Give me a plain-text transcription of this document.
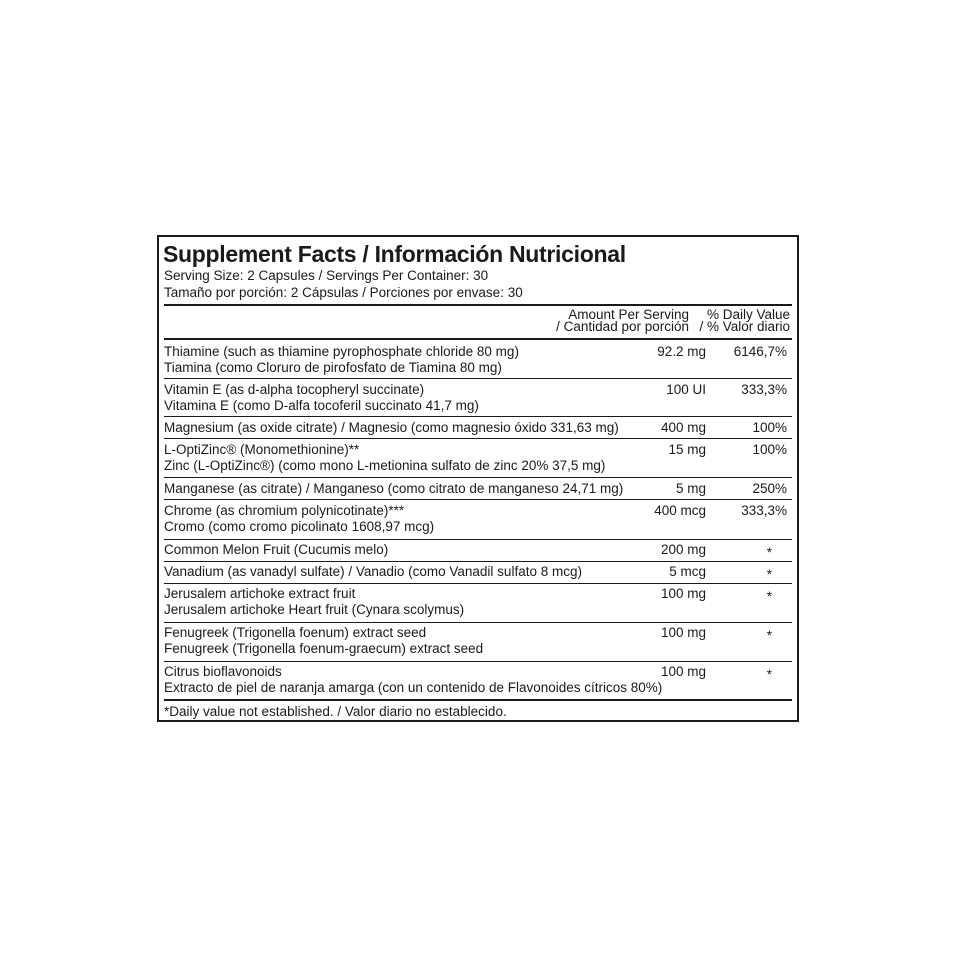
Supplement Facts / Información Nutricional
Serving Size: 2 Capsules / Servings Per Container: 30
Tamaño por porción: 2 Cápsulas / Porciones por envase: 30
Amount Per Serving
/ Cantidad por porción
% Daily Value
/ % Valor diario
Thiamine (such as thiamine pyrophosphate chloride 80 mg)
Tiamina (como Cloruro de pirofosfato de Tiamina 80 mg)
92.2 mg 6146,7%
Vitamin E (as d-alpha tocopheryl succinate)
Vitamina E (como D-alfa tocoferil succinato 41,7 mg)
100 UI	333,3%
Magnesium (as oxide citrate) / Magnesio (como magnesio óxido 331,63 mg)	400 mg	100%
L-OptiZinc® (Monomethionine)**
Zinc (L-OptiZinc®) (como mono L-metionina sulfato de zinc 20% 37,5 mg)
15 mg	100%
Manganese (as citrate) / Manganeso (como citrato de manganeso 24,71 mg)	5 mg	250%
Chrome (as chromium polynicotinate)***
Cromo (como cromo picolinato 1608,97 mcg)
400 mcg	333,3%
Common Melon Fruit (Cucumis melo)	200 mg	*
Vanadium (as vanadyl sulfate) / Vanadio (como Vanadil sulfato 8 mcg)	5 mcg	*
Jerusalem artichoke extract fruit
Jerusalem artichoke Heart fruit (Cynara scolymus)
100 mg	*
Fenugreek (Trigonella foenum) extract seed
Fenugreek (Trigonella foenum-graecum) extract seed
100 mg	*
Citrus bioflavonoids
Extracto de piel de naranja amarga (con un contenido de Flavonoides cítricos 80%)
100 mg	*
*Daily value not established. / Valor diario no establecido.
